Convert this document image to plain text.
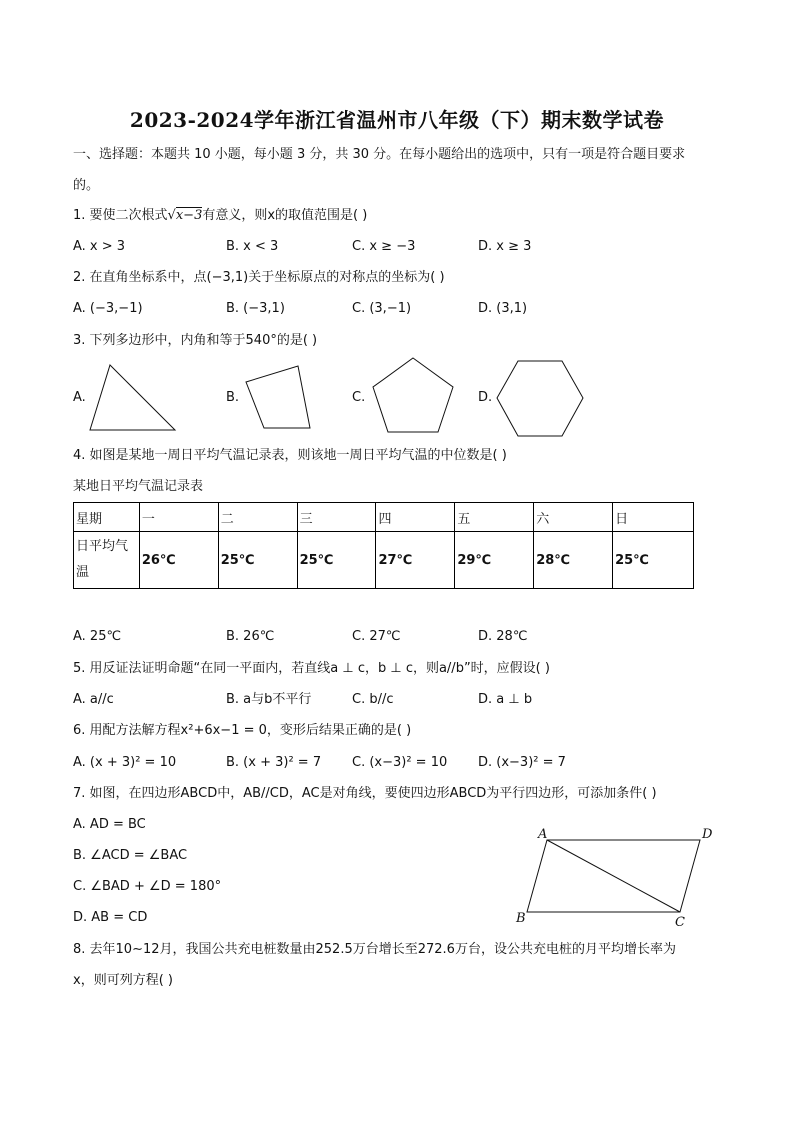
2023-2024学年浙江省温州市八年级（下）期末数学试卷
一、选择题：本题共 10 小题，每小题 3 分，共 30 分。在每小题给出的选项中，只有一项是符合题目要求
的。
1. 要使二次根式√x−3有意义，则x的取值范围是( )
A. x > 3	B. x < 3	C. x ≥ −3	D. x ≥ 3
2. 在直角坐标系中，点(−3,1)关于坐标原点的对称点的坐标为( )
A. (−3,−1)	B. (−3,1)	C. (3,−1)	D. (3,1)
3. 下列多边形中，内角和等于540°的是( )
A.	B.	C.	D.
4. 如图是某地一周日平均气温记录表，则该地一周日平均气温的中位数是( )
某地日平均气温记录表
星期	一	二	三	四	五	六	日
日平均气温	26℃	25℃	25℃	27℃	29℃	28℃	25℃
A. 25℃	B. 26℃	C. 27℃	D. 28℃
5. 用反证法证明命题“在同一平面内，若直线a ⊥ c，b ⊥ c，则a//b”时，应假设( )
A. a//c	B. a与b不平行	C. b//c	D. a ⊥ b
6. 用配方法解方程x²+6x−1 = 0，变形后结果正确的是( )
A. (x + 3)² = 10	B. (x + 3)² = 7 C. (x−3)² = 10 D. (x−3)² = 7
7. 如图，在四边形ABCD中，AB//CD，AC是对角线，要使四边形ABCD为平行四边形，可添加条件( )
A. AD = BC
B. ∠ACD = ∠BAC
C. ∠BAD + ∠D = 180°
D. AB = CD
A
B	C
D
8. 去年10∼12月，我国公共充电桩数量由252.5万台增长至272.6万台，设公共充电桩的月平均增长率为
x，则可列方程( )
